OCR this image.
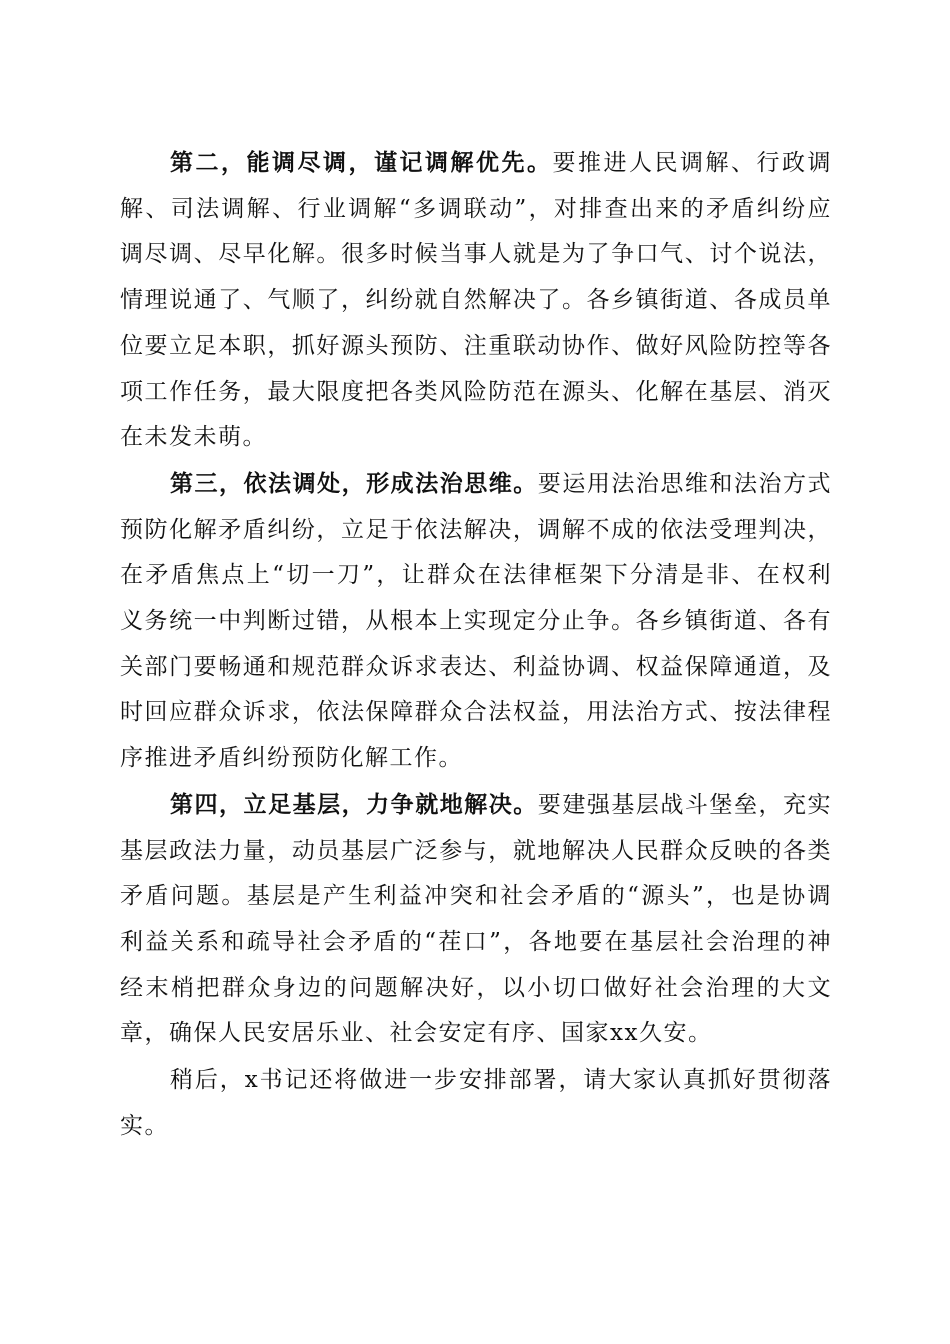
第二，能调尽调，谨记调解优先。要推进人民调解、行政调解、司法调解、行业调解“多调联动”，对排查出来的矛盾纠纷应调尽调、尽早化解。很多时候当事人就是为了争口气、讨个说法，情理说通了、气顺了，纠纷就自然解决了。各乡镇街道、各成员单位要立足本职，抓好源头预防、注重联动协作、做好风险防控等各项工作任务，最大限度把各类风险防范在源头、化解在基层、消灭在未发未萌。

第三，依法调处，形成法治思维。要运用法治思维和法治方式预防化解矛盾纠纷，立足于依法解决，调解不成的依法受理判决，在矛盾焦点上“切一刀”，让群众在法律框架下分清是非、在权利义务统一中判断过错，从根本上实现定分止争。各乡镇街道、各有关部门要畅通和规范群众诉求表达、利益协调、权益保障通道，及时回应群众诉求，依法保障群众合法权益，用法治方式、按法律程序推进矛盾纠纷预防化解工作。

第四，立足基层，力争就地解决。要建强基层战斗堡垒，充实基层政法力量，动员基层广泛参与，就地解决人民群众反映的各类矛盾问题。基层是产生利益冲突和社会矛盾的“源头”，也是协调利益关系和疏导社会矛盾的“茬口”，各地要在基层社会治理的神经末梢把群众身边的问题解决好，以小切口做好社会治理的大文章，确保人民安居乐业、社会安定有序、国家xx久安。

稍后，x书记还将做进一步安排部署，请大家认真抓好贯彻落实。
